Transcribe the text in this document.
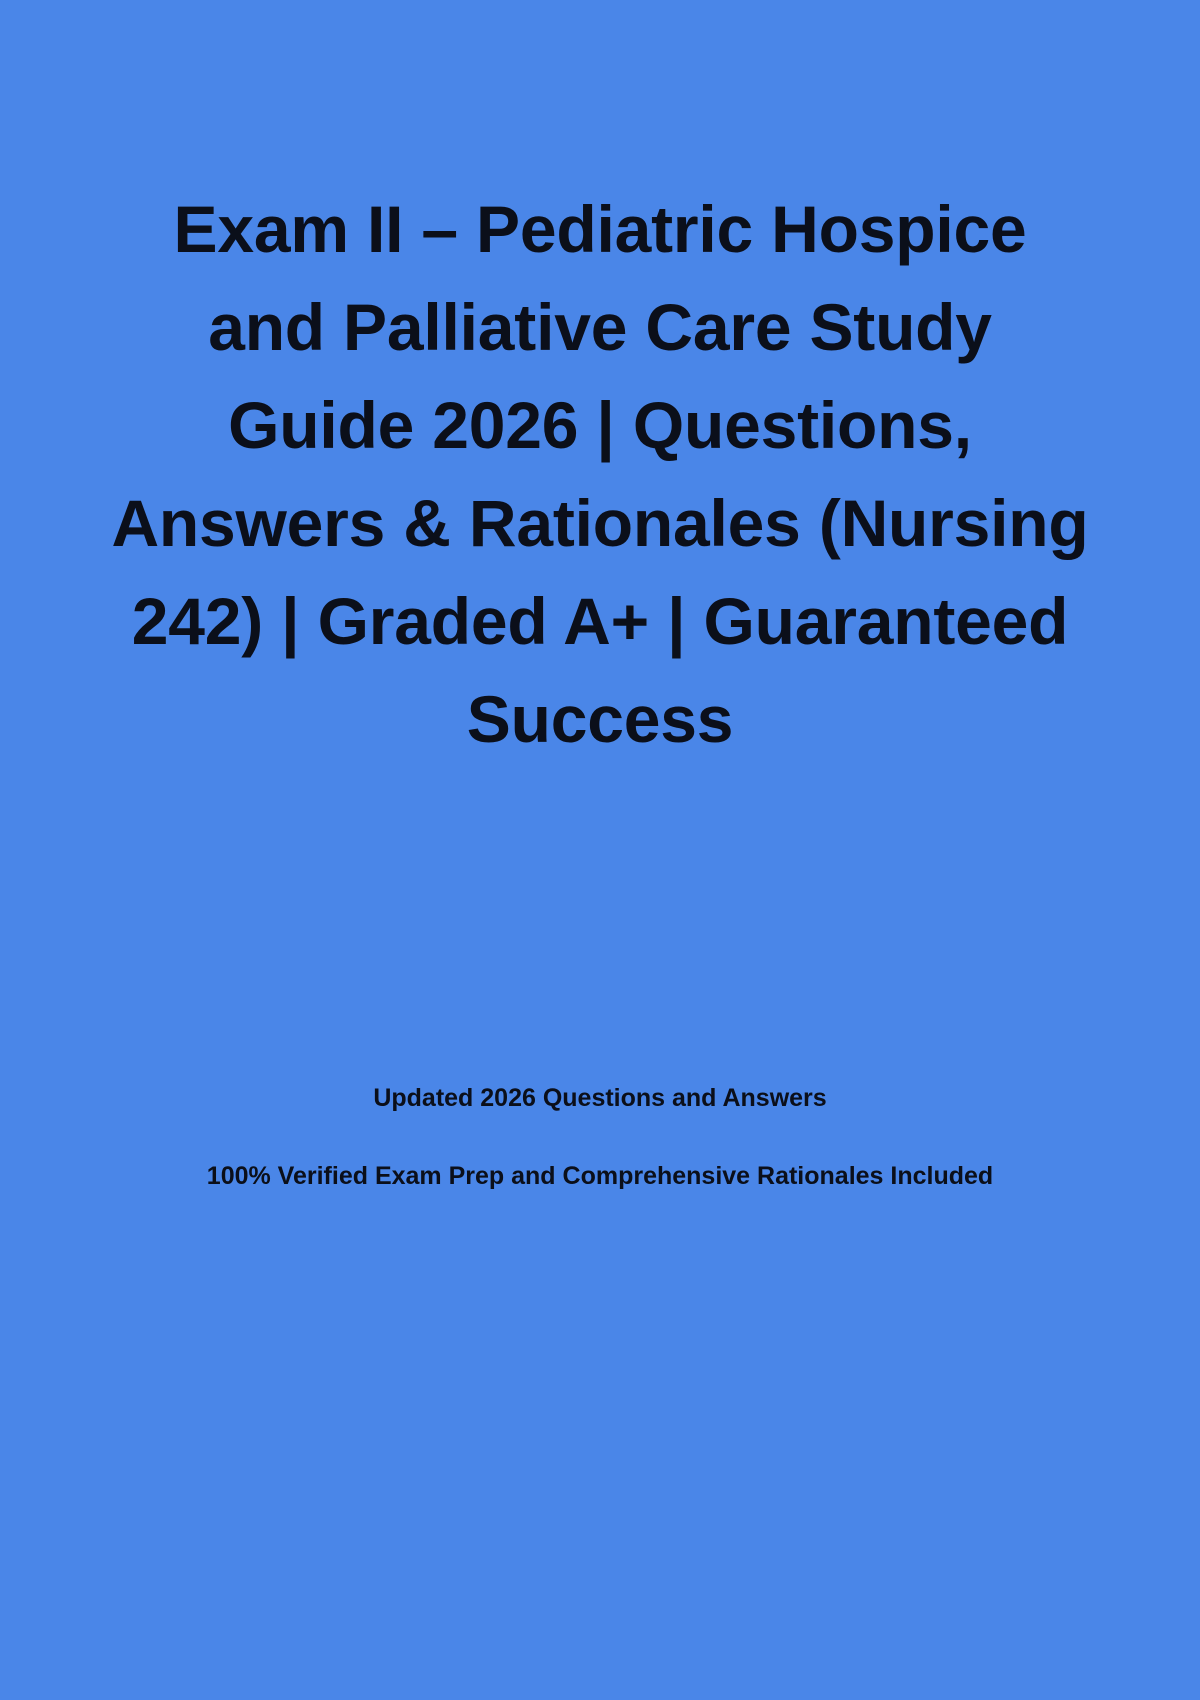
Exam II – Pediatric Hospice and Palliative Care Study Guide 2026 | Questions, Answers & Rationales (Nursing 242) | Graded A+ | Guaranteed Success

Updated 2026 Questions and Answers

100% Verified Exam Prep and Comprehensive Rationales Included
